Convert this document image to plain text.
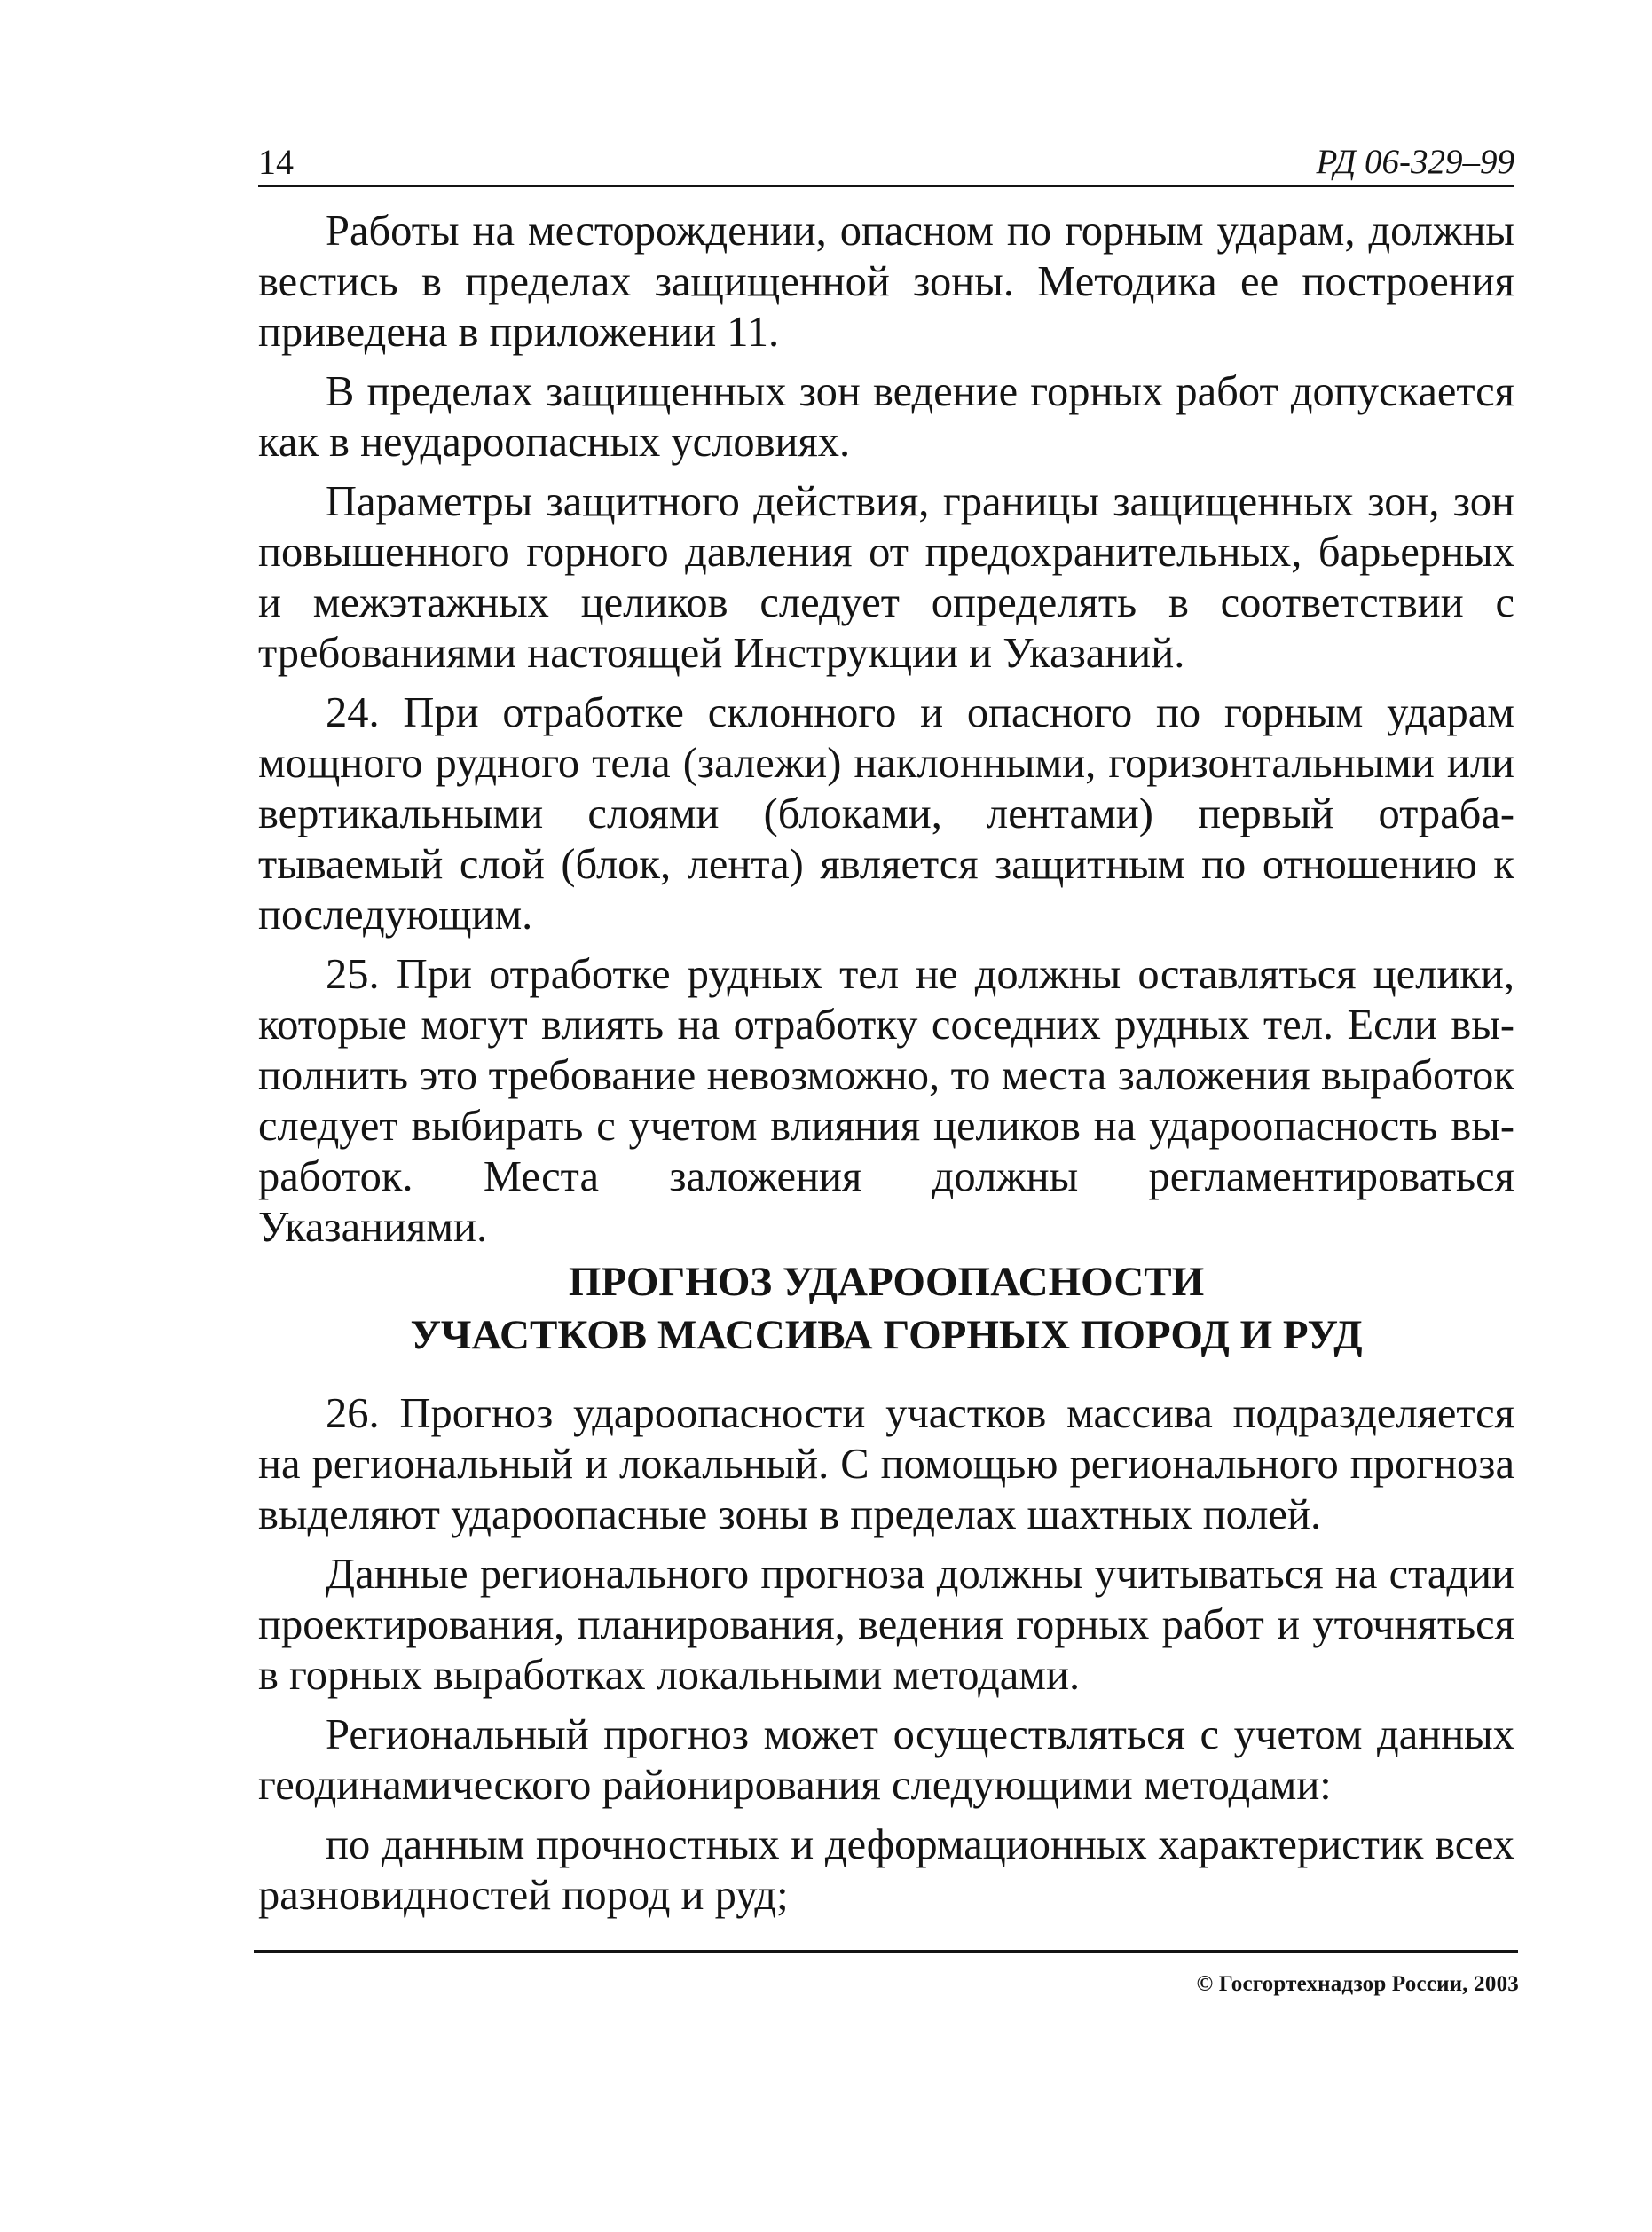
14	РД 06-329–99

Работы на месторождении, опасном по горным ударам, должны вестись в пределах защищенной зоны. Методика ее построения приведена в приложении 11.

В пределах защищенных зон ведение горных работ допускается как в неудароопасных условиях.

Параметры защитного действия, границы защищенных зон, зон повышенного горного давления от предохранительных, барьерных и межэтажных целиков следует определять в соответствии с требованиями настоящей Инструкции и Указаний.

24. При отработке склонного и опасного по горным ударам мощного рудного тела (залежи) наклонными, горизонтальными или вертикальными слоями (блоками, лентами) первый отрабатываемый слой (блок, лента) является защитным по отношению к последующим.

25. При отработке рудных тел не должны оставляться целики, которые могут влиять на отработку соседних рудных тел. Если выполнить это требование невозможно, то места заложения выработок следует выбирать с учетом влияния целиков на удароопасность выработок. Места заложения должны регламентироваться Указаниями.

ПРОГНОЗ УДАРООПАСНОСТИ
УЧАСТКОВ МАССИВА ГОРНЫХ ПОРОД И РУД

26. Прогноз удароопасности участков массива подразделяется на региональный и локальный. С помощью регионального прогноза выделяют удароопасные зоны в пределах шахтных полей.

Данные регионального прогноза должны учитываться на стадии проектирования, планирования, ведения горных работ и уточняться в горных выработках локальными методами.

Региональный прогноз может осуществляться с учетом данных геодинамического районирования следующими методами:

по данным прочностных и деформационных характеристик всех разновидностей пород и руд;

© Госгортехнадзор России, 2003
